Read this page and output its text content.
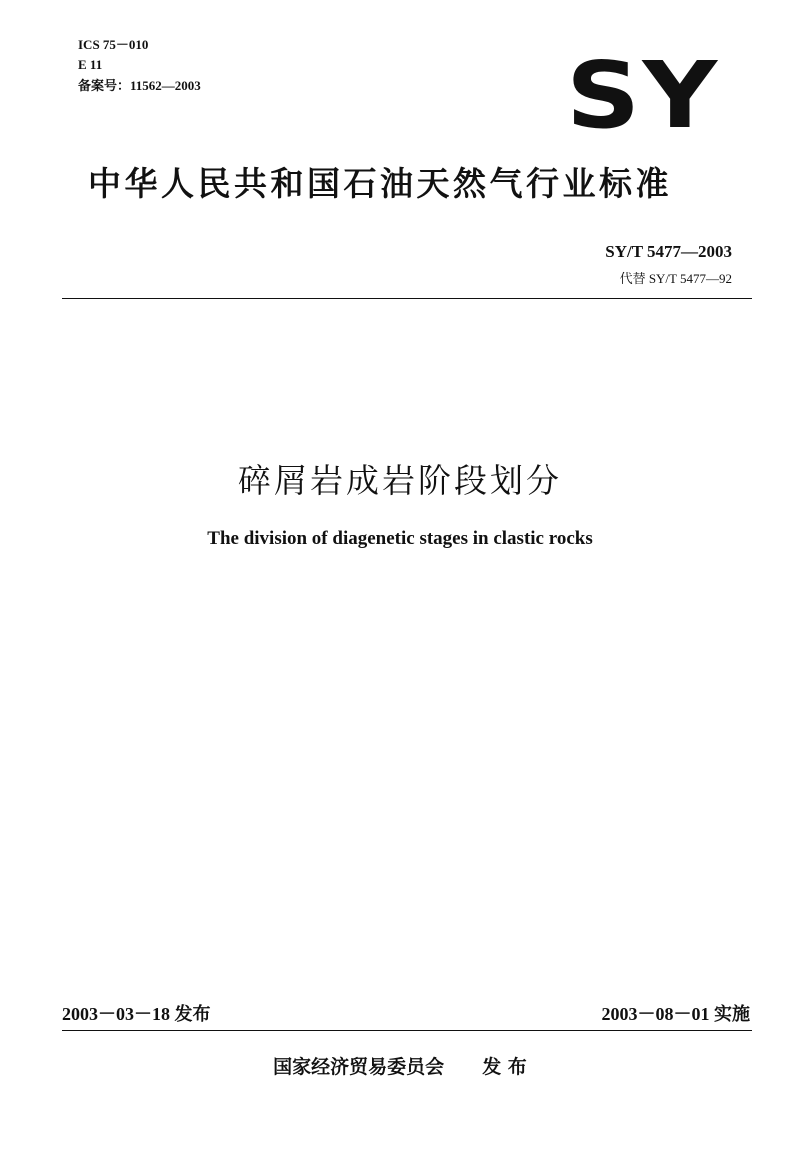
ICS 75－010
E 11
备案号：11562—2003	SY
中华人民共和国石油天然气行业标准
SY/T 5477—2003
代替 SY/T 5477—92
碎屑岩成岩阶段划分
The division of diagenetic stages in clastic rocks
2003－03－18 发布	2003－08－01 实施
国家经济贸易委员会 发 布
